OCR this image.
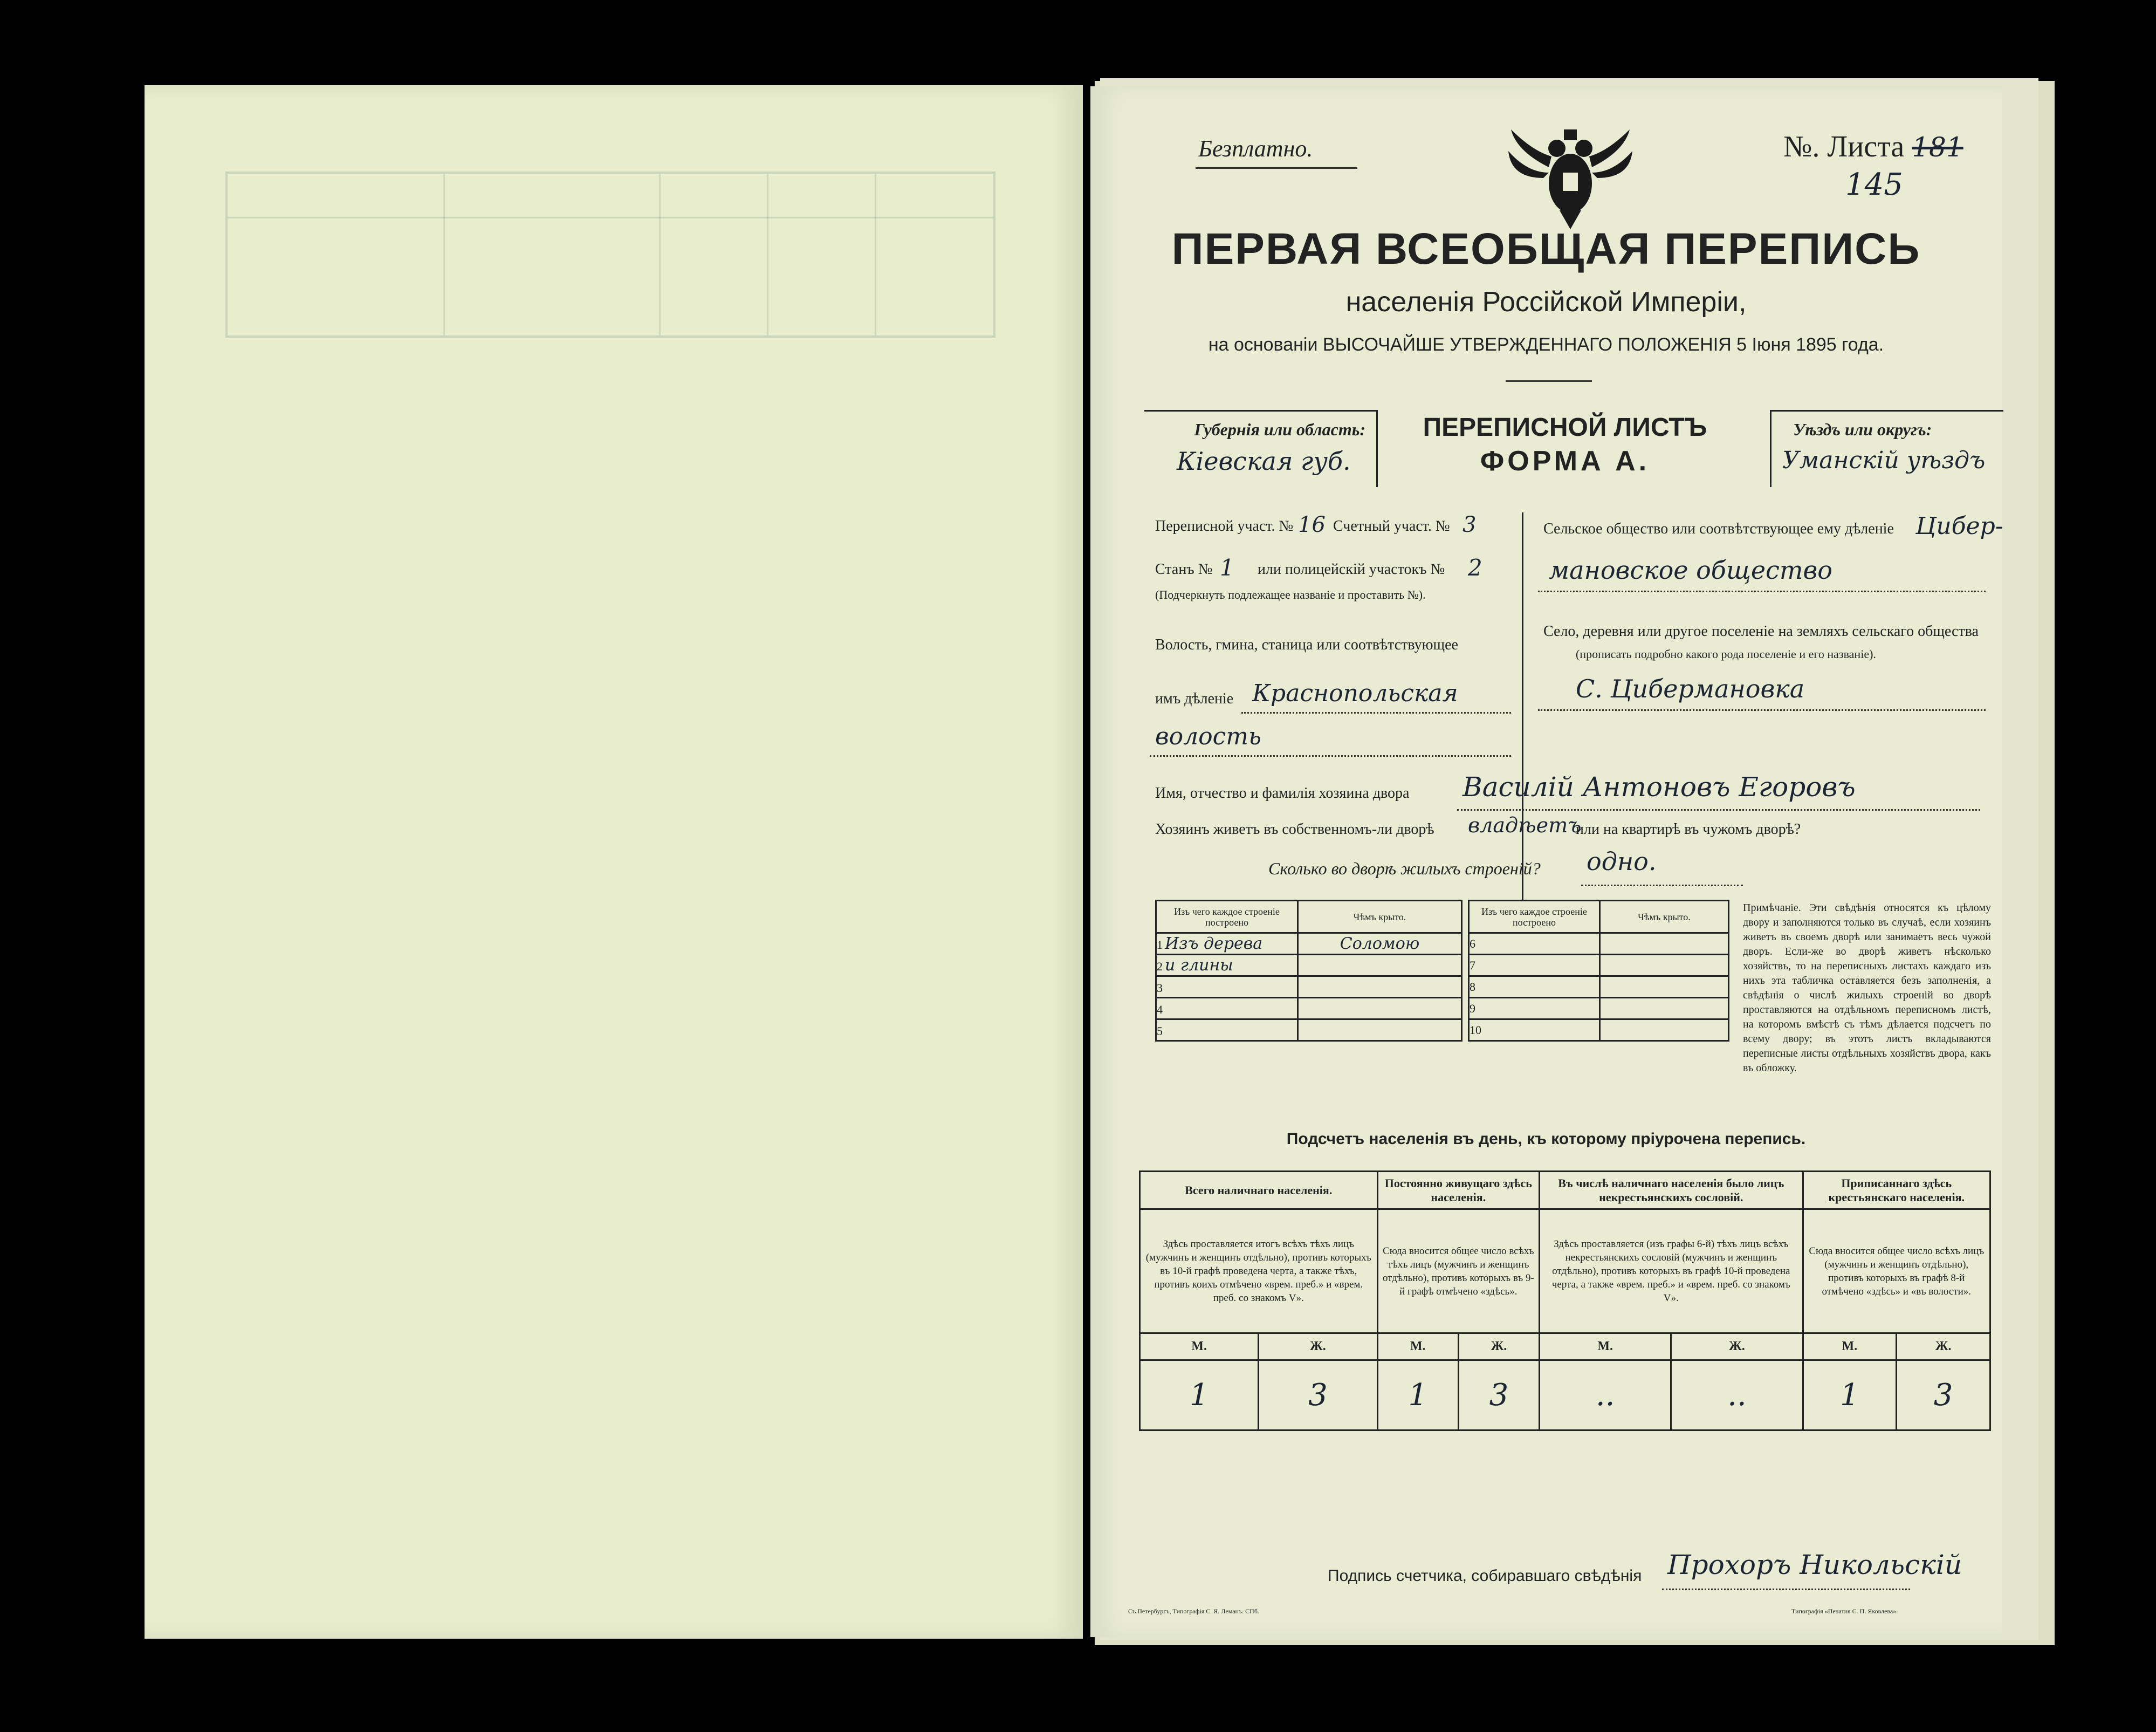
Безплатно.	№. Листа 181
145
ПЕРВАЯ ВСЕОБЩАЯ ПЕРЕПИСЬ
населенія Россійской Имперіи,
на основаніи ВЫСОЧАЙШЕ УТВЕРЖДЕННАГО ПОЛОЖЕНІЯ 5 Іюня 1895 года.
Губернія или область:
Кіевская губ.
ПЕРЕПИСНОЙ ЛИСТЪ
ФОРМА А.
Уѣздъ или округъ:
Уманскій уѣздъ
Переписной участ. № 16 Счетный участ. № 3
Станъ № 1 или полицейскій участокъ № 2
(Подчеркнуть подлежащее названіе и проставить №).
Волость, гмина, станица или соотвѣтствующее
имъ дѣленіе Краснопольская
волость
Сельское общество или соотвѣтствующее ему дѣленіе Цибер-
мановское общество
Село, деревня или другое поселеніе на земляхъ сельскаго общества
(прописать подробно какого рода поселеніе и его названіе).
С. Цибермановка
Имя, отчество и фамилія хозяина двора Василій Антоновъ Егоровъ
Хозяинъ живетъ въ собственномъ-ли дворѣ владѣетъ
или на квартирѣ въ чужомъ дворѣ?
Сколько во дворѣ жилыхъ строеній? одно.
Изъ чего каждое строеніе построено	Чѣмъ крыто.
1 Изъ дерева	Соломою
2 и глины	
3	
4	
5	
Изъ чего каждое строеніе построено	Чѣмъ крыто.
6	
7	
8	
9	
10	
Примѣчаніе. Эти свѣдѣнія относятся къ цѣлому двору и заполняются только въ случаѣ, если хозяинъ живетъ въ своемъ дворѣ или занимаетъ весь чужой дворъ. Если-же во дворѣ живетъ нѣсколько хозяйствъ, то на переписныхъ листахъ каждаго изъ нихъ эта табличка оставляется безъ заполненія, а свѣдѣнія о числѣ жилыхъ строеній во дворѣ проставляются на отдѣльномъ переписномъ листѣ, на которомъ вмѣстѣ съ тѣмъ дѣлается подсчетъ по всему двору; въ этотъ листъ вкладываются переписные листы отдѣльныхъ хозяйствъ двора, какъ въ обложку.
Подсчетъ населенія въ день, къ которому пріурочена перепись.
Всего наличнаго населенія.		Постоянно живущаго здѣсь населенія.		Въ числѣ наличнаго населенія было лицъ некрестьянскихъ сословій.		Приписаннаго здѣсь крестьянскаго населенія.	
Здѣсь проставляется итогъ всѣхъ тѣхъ лицъ (мужчинъ и женщинъ отдѣльно), противъ которыхъ въ 10-й графѣ проведена черта, а также тѣхъ, противъ коихъ отмѣчено «врем. преб.» и «врем. преб. со знакомъ V».		Сюда вносится общее число всѣхъ тѣхъ лицъ (мужчинъ и женщинъ отдѣльно), противъ которыхъ въ 9-й графѣ отмѣчено «здѣсь».		Здѣсь проставляется (изъ графы 6-й) тѣхъ лицъ всѣхъ некрестьянскихъ сословій (мужчинъ и женщинъ отдѣльно), противъ которыхъ въ графѣ 10-й проведена черта, а также «врем. преб.» и «врем. преб. со знакомъ V».		Сюда вносится общее число всѣхъ лицъ (мужчинъ и женщинъ отдѣльно), противъ которыхъ въ графѣ 8-й отмѣчено «здѣсь» и «въ волости».	
М.	Ж.	М.	Ж.	М.	Ж.	М.	Ж.
1	3	1	3	..	..	1	3
Подпись счетчика, собиравшаго свѣдѣнія Прохоръ Никольскій
Съ.Петербургъ, Типографія С. Я. Леманъ. СПб.	Типографія «Печатня С. П. Яковлева».
